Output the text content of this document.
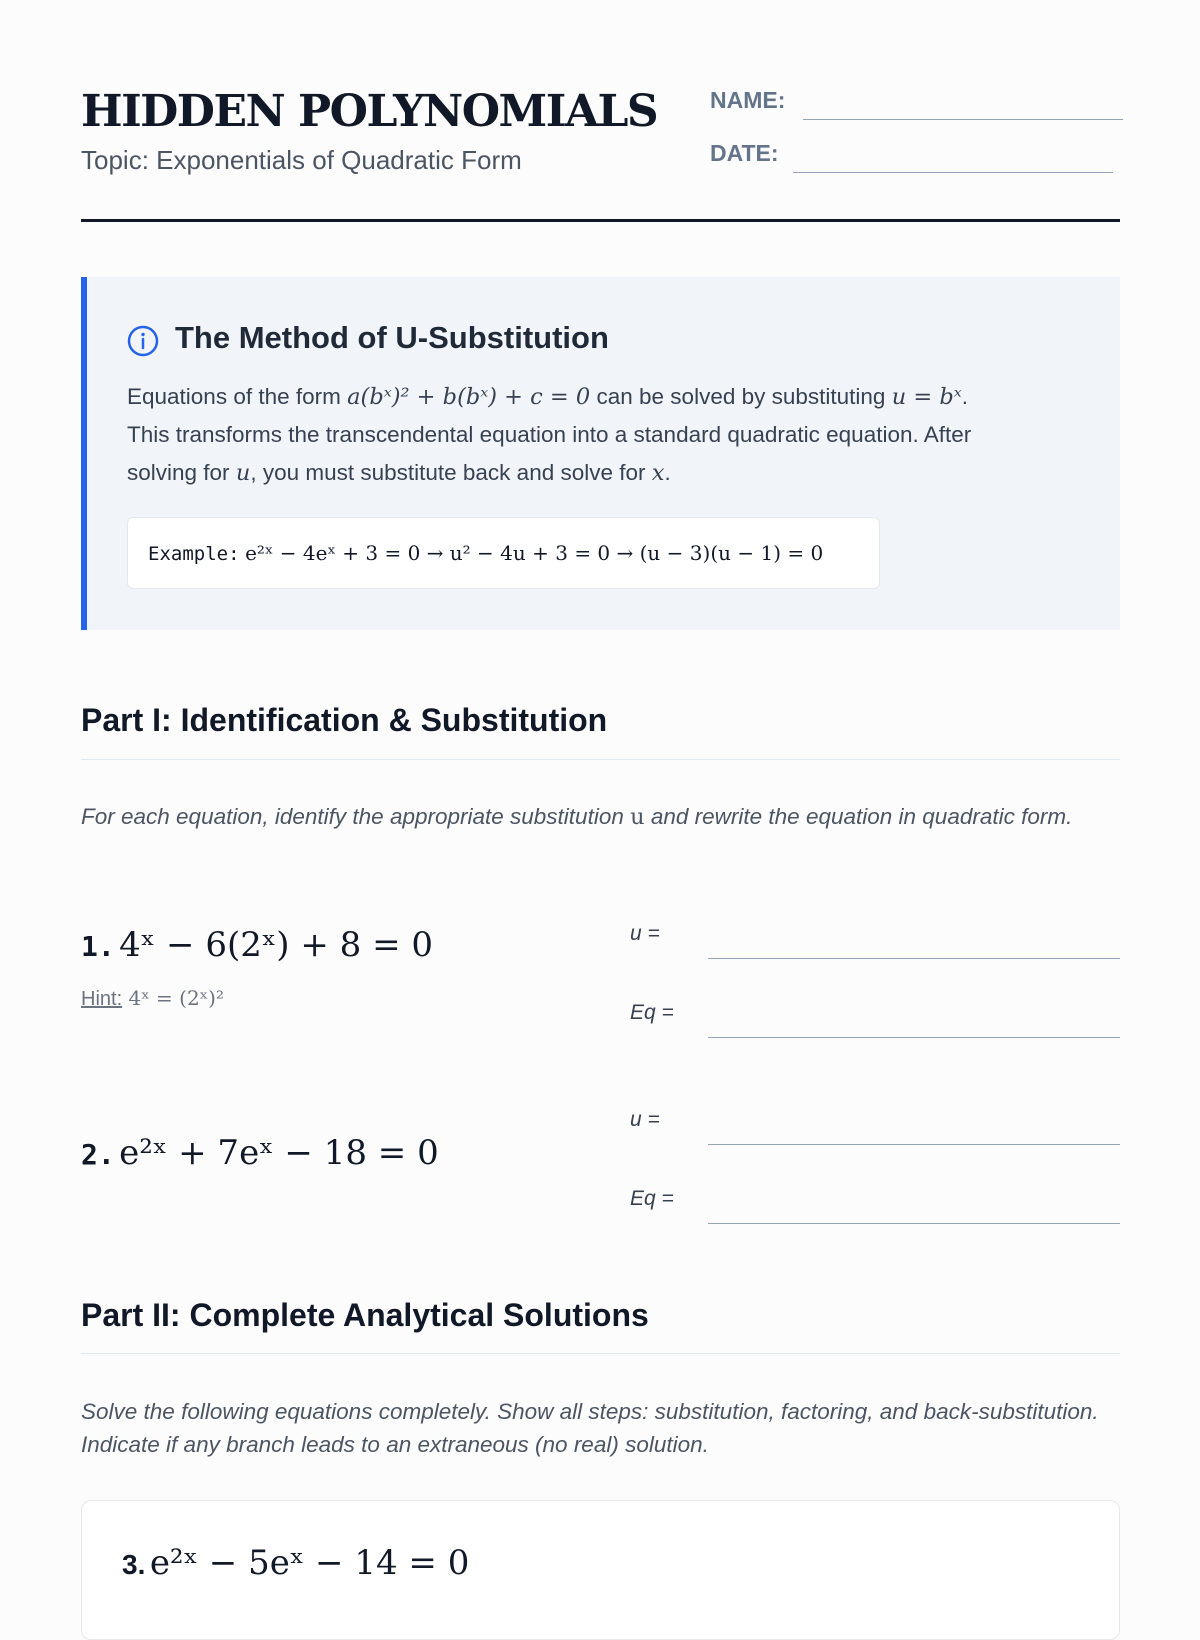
HIDDEN POLYNOMIALS
Topic: Exponentials of Quadratic Form
NAME:
DATE:
The Method of U-Substitution
Equations of the form a(bˣ)² + b(bˣ) + c = 0 can be solved by substituting u = bˣ.
This transforms the transcendental equation into a standard quadratic equation. After
solving for u, you must substitute back and solve for x.
Example: e²ˣ − 4eˣ + 3 = 0 → u² − 4u + 3 = 0 → (u − 3)(u − 1) = 0
Part I: Identification & Substitution
For each equation, identify the appropriate substitution u and rewrite the equation in quadratic form.
1. 4ˣ − 6(2ˣ) + 8 = 0
Hint: 4ˣ = (2ˣ)²
u =
Eq =
2. e²ˣ + 7eˣ − 18 = 0
u =
Eq =
Part II: Complete Analytical Solutions
Solve the following equations completely. Show all steps: substitution, factoring, and back-substitution. Indicate if any branch leads to an extraneous (no real) solution.
3. e²ˣ − 5eˣ − 14 = 0
